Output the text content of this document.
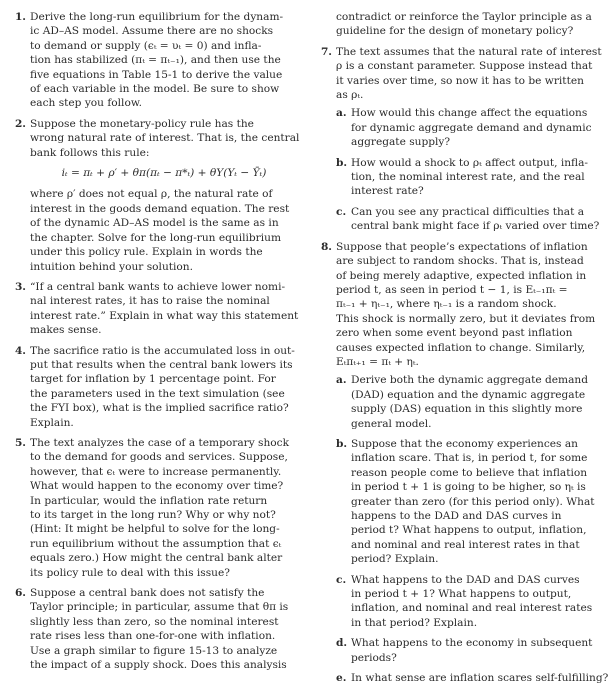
1. Derive the long-run equilibrium for the dynam-
ic AD–AS model. Assume there are no shocks
to demand or supply (ϵₜ = υₜ = 0) and infla-
tion has stabilized (πₜ = πₜ₋₁), and then use the
five equations in Table 15-1 to derive the value
of each variable in the model. Be sure to show
each step you follow.
2. Suppose the monetary-policy rule has the
wrong natural rate of interest. That is, the central
bank follows this rule:
iₜ = πₜ + ρ′ + θπ(πₜ − π*ₜ) + θY(Yₜ − Ȳₜ)
where ρ′ does not equal ρ, the natural rate of
interest in the goods demand equation. The rest
of the dynamic AD–AS model is the same as in
the chapter. Solve for the long-run equilibrium
under this policy rule. Explain in words the
intuition behind your solution.
3. “If a central bank wants to achieve lower nomi-
nal interest rates, it has to raise the nominal
interest rate.” Explain in what way this statement
makes sense.
4. The sacrifice ratio is the accumulated loss in out-
put that results when the central bank lowers its
target for inflation by 1 percentage point. For
the parameters used in the text simulation (see
the FYI box), what is the implied sacrifice ratio?
Explain.
5. The text analyzes the case of a temporary shock
to the demand for goods and services. Suppose,
however, that ϵₜ were to increase permanently.
What would happen to the economy over time?
In particular, would the inflation rate return
to its target in the long run? Why or why not?
(Hint: It might be helpful to solve for the long-
run equilibrium without the assumption that ϵₜ
equals zero.) How might the central bank alter
its policy rule to deal with this issue?
6. Suppose a central bank does not satisfy the
Taylor principle; in particular, assume that θπ is
slightly less than zero, so the nominal interest
rate rises less than one-for-one with inflation.
Use a graph similar to figure 15-13 to analyze
the impact of a supply shock. Does this analysis
contradict or reinforce the Taylor principle as a
guideline for the design of monetary policy?
7. The text assumes that the natural rate of interest
ρ is a constant parameter. Suppose instead that
it varies over time, so now it has to be written
as ρₜ.
a. How would this change affect the equations
for dynamic aggregate demand and dynamic
aggregate supply?
b. How would a shock to ρₜ affect output, infla-
tion, the nominal interest rate, and the real
interest rate?
c. Can you see any practical difficulties that a
central bank might face if ρₜ varied over time?
8. Suppose that people’s expectations of inflation
are subject to random shocks. That is, instead
of being merely adaptive, expected inflation in
period t, as seen in period t − 1, is Eₜ₋₁πₜ =
πₜ₋₁ + ηₜ₋₁, where ηₜ₋₁ is a random shock.
This shock is normally zero, but it deviates from
zero when some event beyond past inflation
causes expected inflation to change. Similarly,
Eₜπₜ₊₁ = πₜ + ηₜ.
a. Derive both the dynamic aggregate demand
(DAD) equation and the dynamic aggregate
supply (DAS) equation in this slightly more
general model.
b. Suppose that the economy experiences an
inflation scare. That is, in period t, for some
reason people come to believe that inflation
in period t + 1 is going to be higher, so ηₜ is
greater than zero (for this period only). What
happens to the DAD and DAS curves in
period t? What happens to output, inflation,
and nominal and real interest rates in that
period? Explain.
c. What happens to the DAD and DAS curves
in period t + 1? What happens to output,
inflation, and nominal and real interest rates
in that period? Explain.
d. What happens to the economy in subsequent
periods?
e. In what sense are inflation scares self-fulfilling?
